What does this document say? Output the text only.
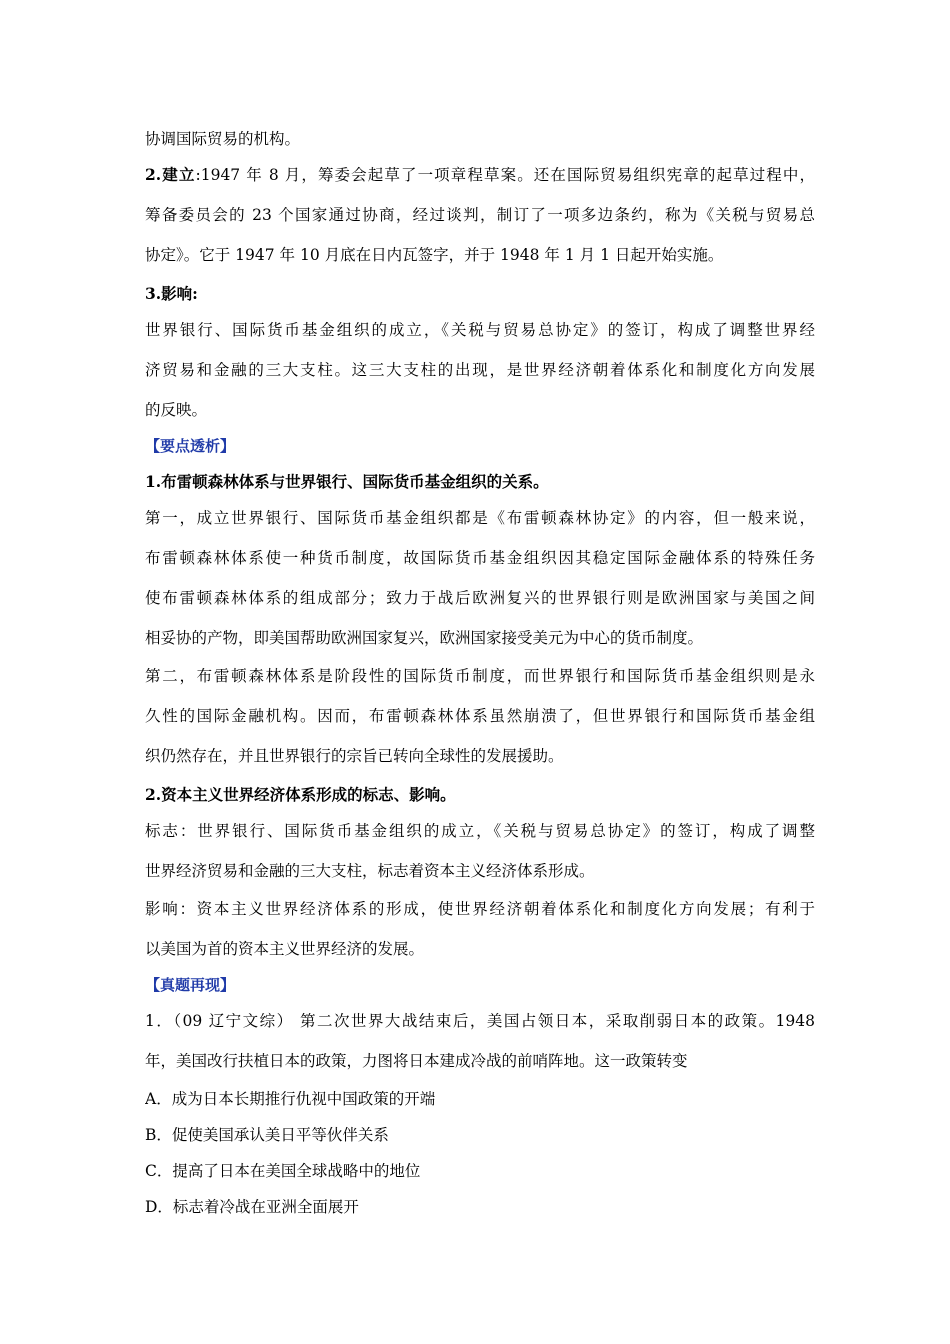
协调国际贸易的机构。
2.建立:1947 年 8 月，筹委会起草了一项章程草案。还在国际贸易组织宪章的起草过程中，
筹备委员会的 23 个国家通过协商，经过谈判，制订了一项多边条约，称为《关税与贸易总
协定》。它于 1947 年 10 月底在日内瓦签字，并于 1948 年 1 月 1 日起开始实施。
3.影响:
世界银行、国际货币基金组织的成立，《关税与贸易总协定》的签订，构成了调整世界经
济贸易和金融的三大支柱。这三大支柱的出现，是世界经济朝着体系化和制度化方向发展
的反映。
【要点透析】
1.布雷顿森林体系与世界银行、国际货币基金组织的关系。
第一，成立世界银行、国际货币基金组织都是《布雷顿森林协定》的内容，但一般来说，
布雷顿森林体系使一种货币制度，故国际货币基金组织因其稳定国际金融体系的特殊任务
使布雷顿森林体系的组成部分；致力于战后欧洲复兴的世界银行则是欧洲国家与美国之间
相妥协的产物，即美国帮助欧洲国家复兴，欧洲国家接受美元为中心的货币制度。
第二，布雷顿森林体系是阶段性的国际货币制度，而世界银行和国际货币基金组织则是永
久性的国际金融机构。因而，布雷顿森林体系虽然崩溃了，但世界银行和国际货币基金组
织仍然存在，并且世界银行的宗旨已转向全球性的发展援助。
2.资本主义世界经济体系形成的标志、影响。
标志：世界银行、国际货币基金组织的成立，《关税与贸易总协定》的签订，构成了调整
世界经济贸易和金融的三大支柱，标志着资本主义经济体系形成。
影响：资本主义世界经济体系的形成，使世界经济朝着体系化和制度化方向发展；有利于
以美国为首的资本主义世界经济的发展。
【真题再现】
1．（09 辽宁文综） 第二次世界大战结束后，美国占领日本，采取削弱日本的政策。1948
年，美国改行扶植日本的政策，力图将日本建成冷战的前哨阵地。这一政策转变
A．成为日本长期推行仇视中国政策的开端
B．促使美国承认美日平等伙伴关系
C．提高了日本在美国全球战略中的地位
D．标志着冷战在亚洲全面展开
